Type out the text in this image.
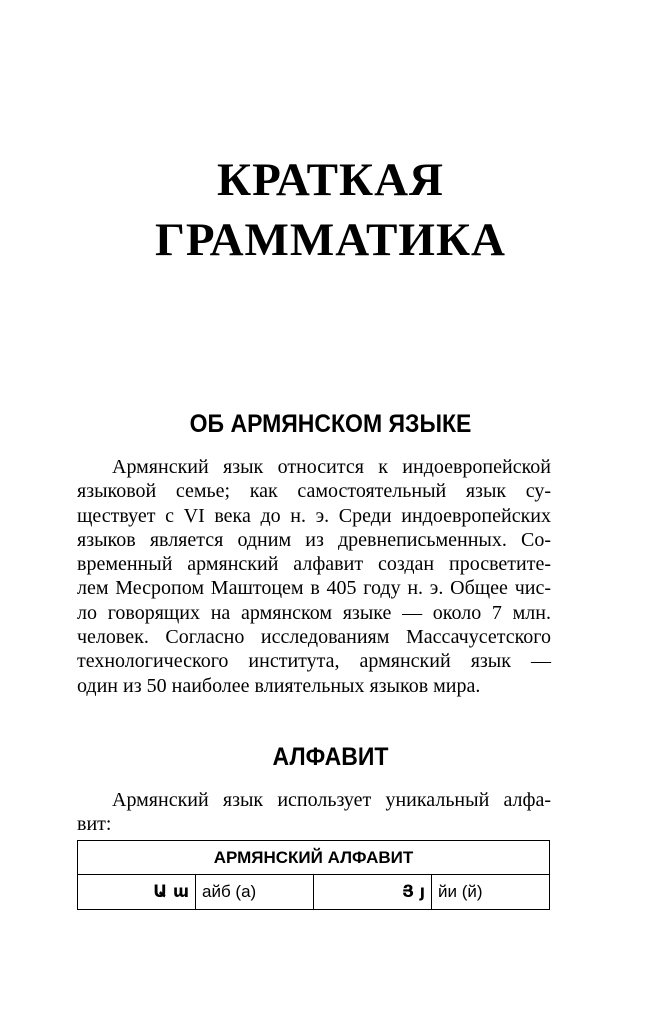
КРАТКАЯ
ГРАММАТИКА
ОБ АРМЯНСКОМ ЯЗЫКЕ
Армянский язык относится к индоевропейской
языковой семье; как самостоятельный язык су-
ществует с VI века до н. э. Среди индоевропейских
языков является одним из древнеписьменных. Со-
временный армянский алфавит создан просветите-
лем Месропом Маштоцем в 405 году н. э. Общее чис-
ло говорящих на армянском языке — около 7 млн.
человек. Согласно исследованиям Массачусетского
технологического института, армянский язык —
один из 50 наиболее влиятельных языков мира.
АЛФАВИТ
Армянский язык использует уникальный алфа-
вит:
АРМЯНСКИЙ АЛФАВИТ
Ա ա	айб (а)	Յ յ	йи (й)
